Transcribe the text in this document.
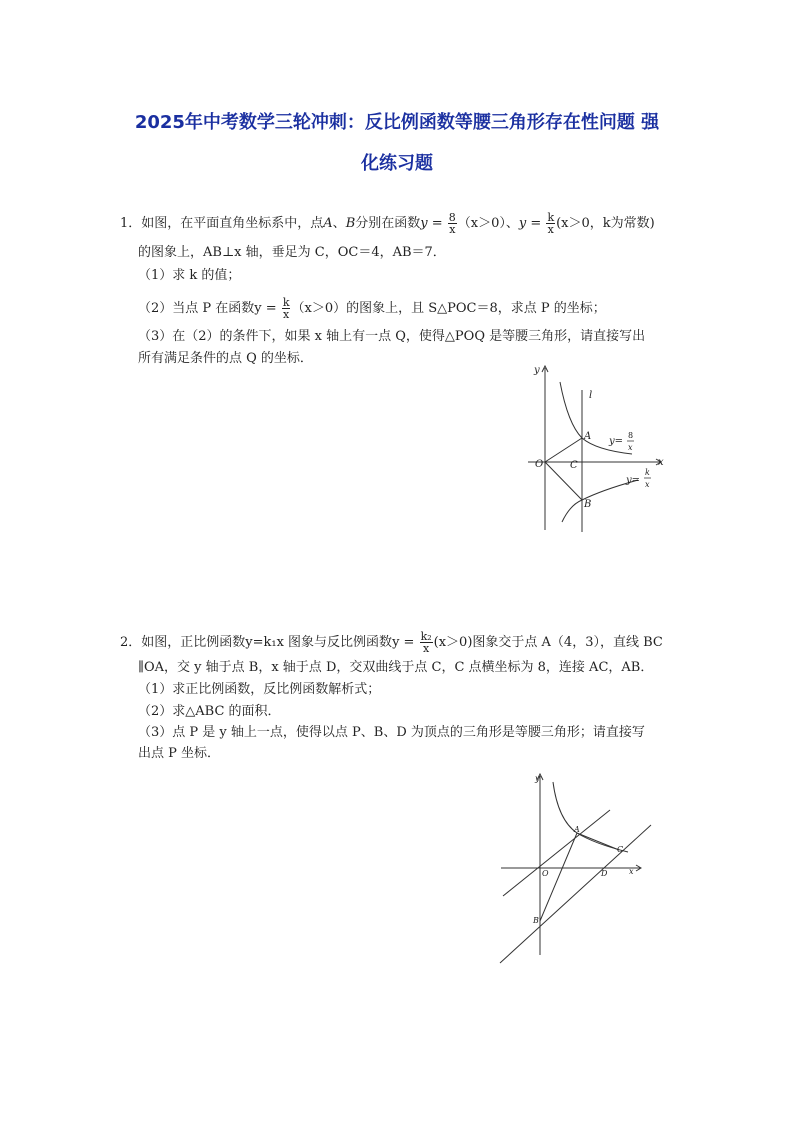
2025年中考数学三轮冲刺：反比例函数等腰三角形存在性问题 强
化练习题
1．如图，在平面直角坐标系中，点A、B分别在函数$y = \frac{8}{x} (x>0)$、$y = \frac{k}{x} (x>0$，k为常数)
的图象上，AB⊥x 轴，垂足为 C，OC＝4，AB＝7．
（1）求 k 的值；
（2）当点 P 在函数$y = \frac{k}{x} (x>0)$的图象上，且 S△POC＝8，求点 P 的坐标；
（3）在（2）的条件下，如果 x 轴上有一点 Q，使得△POQ 是等腰三角形，请直接写出
所有满足条件的点 Q 的坐标．
y
x
O
l
A
C
B
y=
8
x
y=
k
x
2．如图，正比例函数y=k₁x 图象与反比例函数$y = \frac{\text{k₂}}{x} (x>0)$图象交于点 A（4，3），直线 BC
∥OA，交 y 轴于点 B，x 轴于点 D，交双曲线于点 C，C 点横坐标为 8，连接 AC，AB．
（1）求正比例函数，反比例函数解析式；
（2）求△ABC 的面积．
（3）点 P 是 y 轴上一点，使得以点 P、B、D 为顶点的三角形是等腰三角形；请直接写
出点 P 坐标．
y
x
O
A
C
D
B
